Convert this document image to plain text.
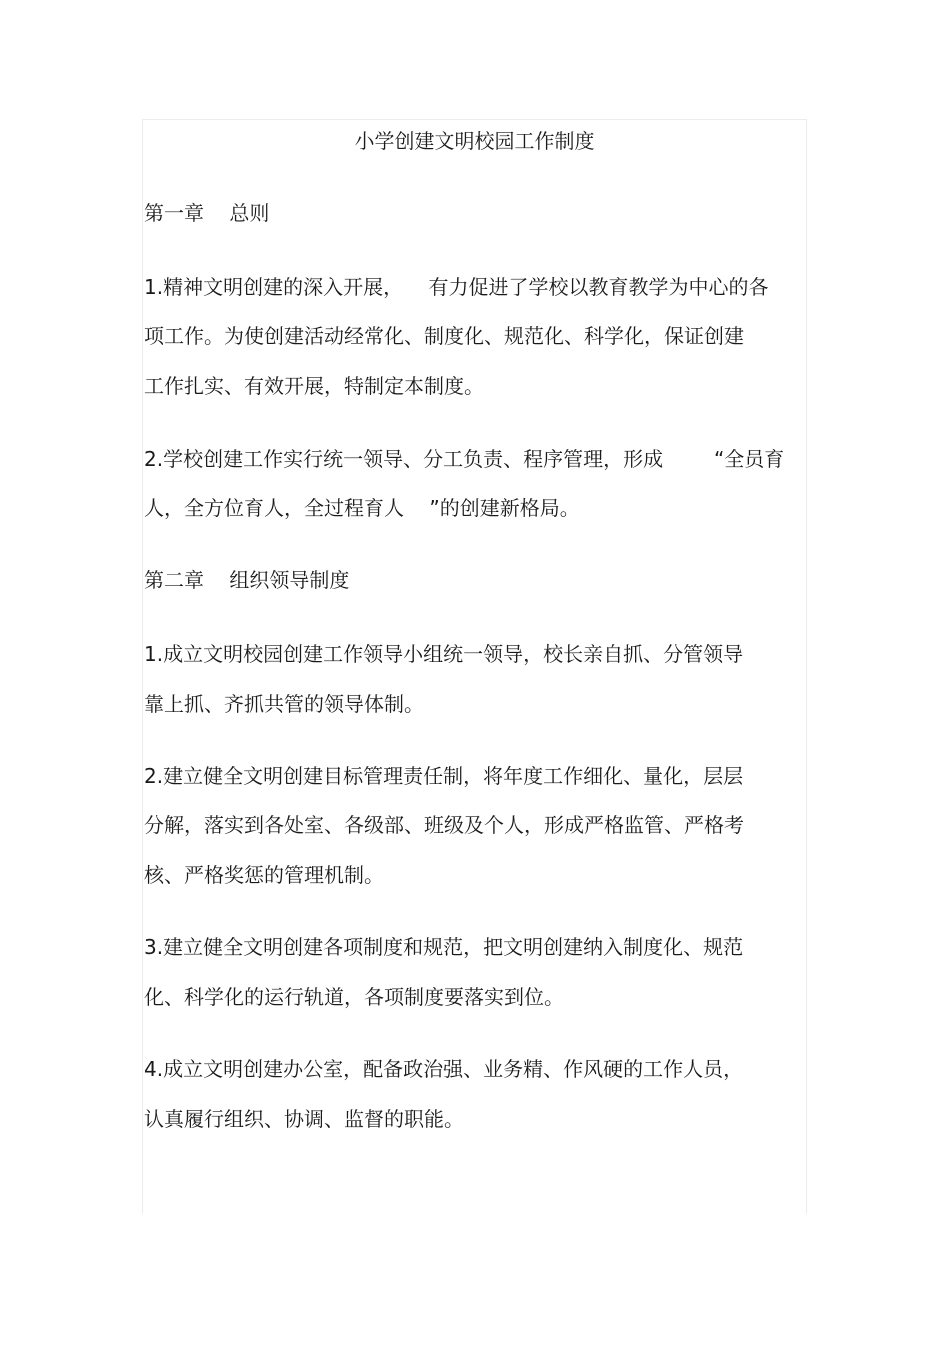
小学创建文明校园工作制度

第一章    总则

1.精神文明创建的深入开展，    有力促进了学校以教育教学为中心的各

项工作。为使创建活动经常化、制度化、规范化、科学化，保证创建

工作扎实、有效开展，特制定本制度。

2.学校创建工作实行统一领导、分工负责、程序管理，形成        “全员育

人，全方位育人，全过程育人    ”的创建新格局。

第二章    组织领导制度

1.成立文明校园创建工作领导小组统一领导，校长亲自抓、分管领导

靠上抓、齐抓共管的领导体制。

2.建立健全文明创建目标管理责任制，将年度工作细化、量化，层层

分解，落实到各处室、各级部、班级及个人，形成严格监管、严格考

核、严格奖惩的管理机制。

3.建立健全文明创建各项制度和规范，把文明创建纳入制度化、规范

化、科学化的运行轨道，各项制度要落实到位。

4.成立文明创建办公室，配备政治强、业务精、作风硬的工作人员，

认真履行组织、协调、监督的职能。
